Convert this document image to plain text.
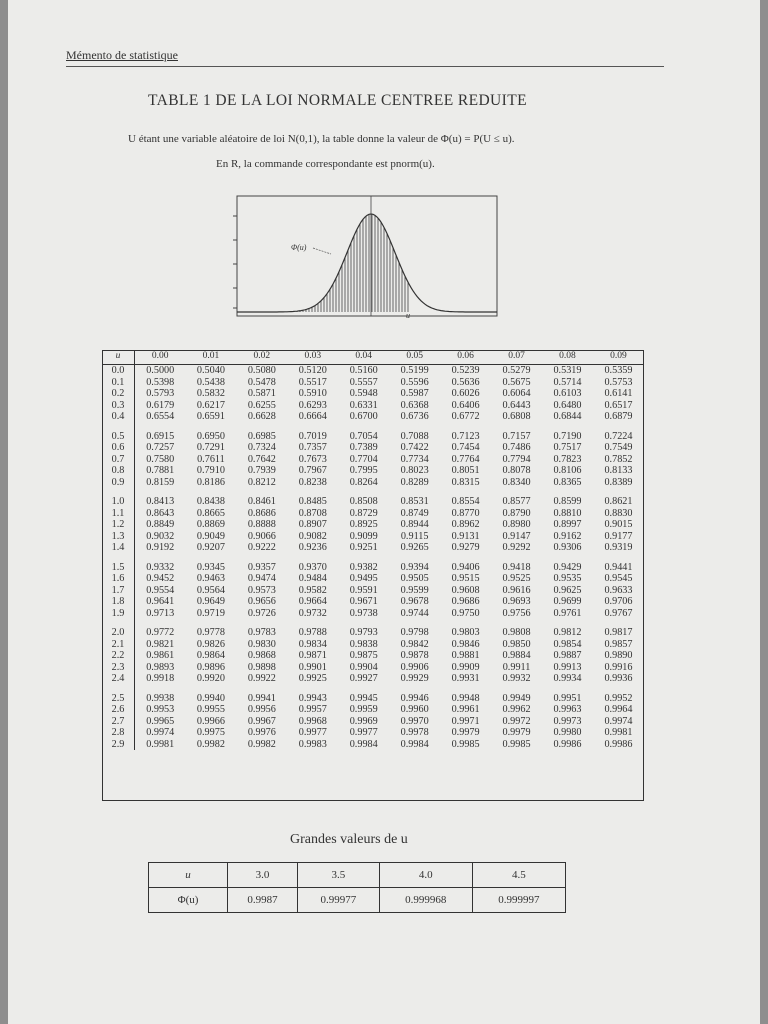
Mémento de statistique
TABLE 1 DE LA LOI NORMALE CENTREE REDUITE
U étant une variable aléatoire de loi N(0,1), la table donne la valeur de Φ(u) = P(U ≤ u).
En R, la commande correspondante est pnorm(u).
Φ(u)
u
u	0.00	0.01	0.02	0.03	0.04	0.05	0.06	0.07	0.08	0.09
0.0	0.5000	0.5040	0.5080	0.5120	0.5160	0.5199	0.5239	0.5279	0.5319	0.5359
0.1	0.5398	0.5438	0.5478	0.5517	0.5557	0.5596	0.5636	0.5675	0.5714	0.5753
0.2	0.5793	0.5832	0.5871	0.5910	0.5948	0.5987	0.6026	0.6064	0.6103	0.6141
0.3	0.6179	0.6217	0.6255	0.6293	0.6331	0.6368	0.6406	0.6443	0.6480	0.6517
0.4	0.6554	0.6591	0.6628	0.6664	0.6700	0.6736	0.6772	0.6808	0.6844	0.6879

0.5	0.6915	0.6950	0.6985	0.7019	0.7054	0.7088	0.7123	0.7157	0.7190	0.7224
0.6	0.7257	0.7291	0.7324	0.7357	0.7389	0.7422	0.7454	0.7486	0.7517	0.7549
0.7	0.7580	0.7611	0.7642	0.7673	0.7704	0.7734	0.7764	0.7794	0.7823	0.7852
0.8	0.7881	0.7910	0.7939	0.7967	0.7995	0.8023	0.8051	0.8078	0.8106	0.8133
0.9	0.8159	0.8186	0.8212	0.8238	0.8264	0.8289	0.8315	0.8340	0.8365	0.8389

1.0	0.8413	0.8438	0.8461	0.8485	0.8508	0.8531	0.8554	0.8577	0.8599	0.8621
1.1	0.8643	0.8665	0.8686	0.8708	0.8729	0.8749	0.8770	0.8790	0.8810	0.8830
1.2	0.8849	0.8869	0.8888	0.8907	0.8925	0.8944	0.8962	0.8980	0.8997	0.9015
1.3	0.9032	0.9049	0.9066	0.9082	0.9099	0.9115	0.9131	0.9147	0.9162	0.9177
1.4	0.9192	0.9207	0.9222	0.9236	0.9251	0.9265	0.9279	0.9292	0.9306	0.9319

1.5	0.9332	0.9345	0.9357	0.9370	0.9382	0.9394	0.9406	0.9418	0.9429	0.9441
1.6	0.9452	0.9463	0.9474	0.9484	0.9495	0.9505	0.9515	0.9525	0.9535	0.9545
1.7	0.9554	0.9564	0.9573	0.9582	0.9591	0.9599	0.9608	0.9616	0.9625	0.9633
1.8	0.9641	0.9649	0.9656	0.9664	0.9671	0.9678	0.9686	0.9693	0.9699	0.9706
1.9	0.9713	0.9719	0.9726	0.9732	0.9738	0.9744	0.9750	0.9756	0.9761	0.9767

2.0	0.9772	0.9778	0.9783	0.9788	0.9793	0.9798	0.9803	0.9808	0.9812	0.9817
2.1	0.9821	0.9826	0.9830	0.9834	0.9838	0.9842	0.9846	0.9850	0.9854	0.9857
2.2	0.9861	0.9864	0.9868	0.9871	0.9875	0.9878	0.9881	0.9884	0.9887	0.9890
2.3	0.9893	0.9896	0.9898	0.9901	0.9904	0.9906	0.9909	0.9911	0.9913	0.9916
2.4	0.9918	0.9920	0.9922	0.9925	0.9927	0.9929	0.9931	0.9932	0.9934	0.9936

2.5	0.9938	0.9940	0.9941	0.9943	0.9945	0.9946	0.9948	0.9949	0.9951	0.9952
2.6	0.9953	0.9955	0.9956	0.9957	0.9959	0.9960	0.9961	0.9962	0.9963	0.9964
2.7	0.9965	0.9966	0.9967	0.9968	0.9969	0.9970	0.9971	0.9972	0.9973	0.9974
2.8	0.9974	0.9975	0.9976	0.9977	0.9977	0.9978	0.9979	0.9979	0.9980	0.9981
2.9	0.9981	0.9982	0.9982	0.9983	0.9984	0.9984	0.9985	0.9985	0.9986	0.9986
Grandes valeurs de u
u	3.0	3.5	4.0	4.5
Φ(u)	0.9987	0.99977	0.999968	0.999997
